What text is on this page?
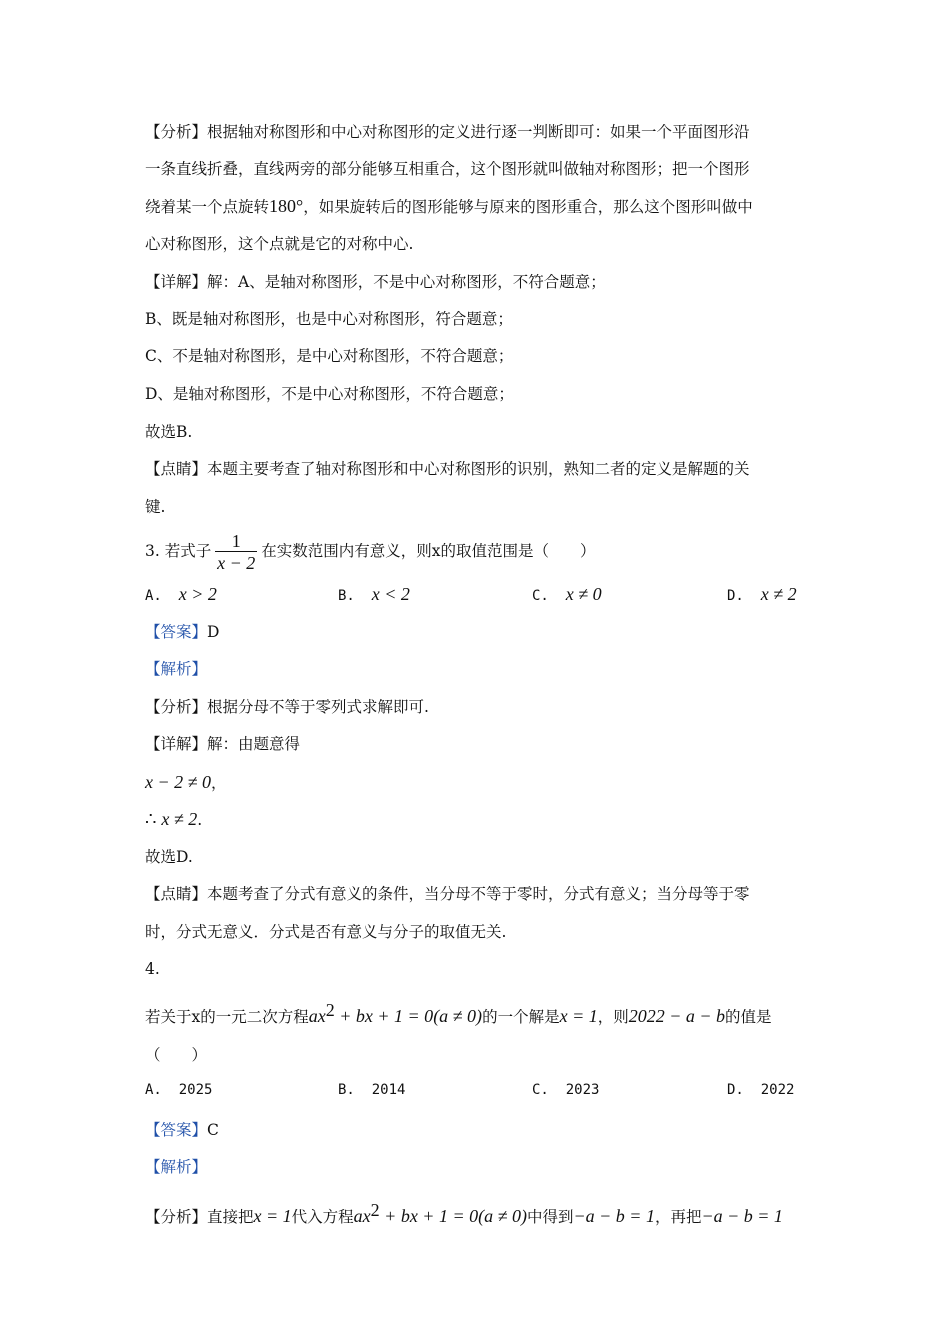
【分析】根据轴对称图形和中心对称图形的定义进行逐一判断即可：如果一个平面图形沿
一条直线折叠，直线两旁的部分能够互相重合，这个图形就叫做轴对称图形；把一个图形
绕着某一个点旋转180°，如果旋转后的图形能够与原来的图形重合，那么这个图形叫做中
心对称图形，这个点就是它的对称中心.
【详解】解：A、是轴对称图形，不是中心对称图形，不符合题意；
B、既是轴对称图形，也是中心对称图形，符合题意；
C、不是轴对称图形，是中心对称图形，不符合题意；
D、是轴对称图形，不是中心对称图形，不符合题意；
故选B.
【点睛】本题主要考查了轴对称图形和中心对称图形的识别，熟知二者的定义是解题的关
键.
3. 若式子 $\frac{1}{x - 2}$ 在实数范围内有意义，则x的取值范围是（　　）
A. x > 2	B. x < 2	C. x ≠ 0	D. x ≠ 2
【答案】D
【解析】
【分析】根据分母不等于零列式求解即可.
【详解】解：由题意得
x − 2 ≠ 0，
∴ x ≠ 2.
故选D.
【点睛】本题考查了分式有意义的条件，当分母不等于零时，分式有意义；当分母等于零
时，分式无意义．分式是否有意义与分子的取值无关.
4.
若关于x的一元二次方程$ax^2$ + bx + 1 = 0(a ≠ 0)的一个解是x = 1，则2022 − a − b的值是
（　　）
A. 2025	B. 2014	C. 2023	D. 2022
【答案】C
【解析】
【分析】直接把x = 1代入方程$ax^2$ + bx + 1 = 0(a ≠ 0)中得到−a − b = 1，再把−a − b = 1
